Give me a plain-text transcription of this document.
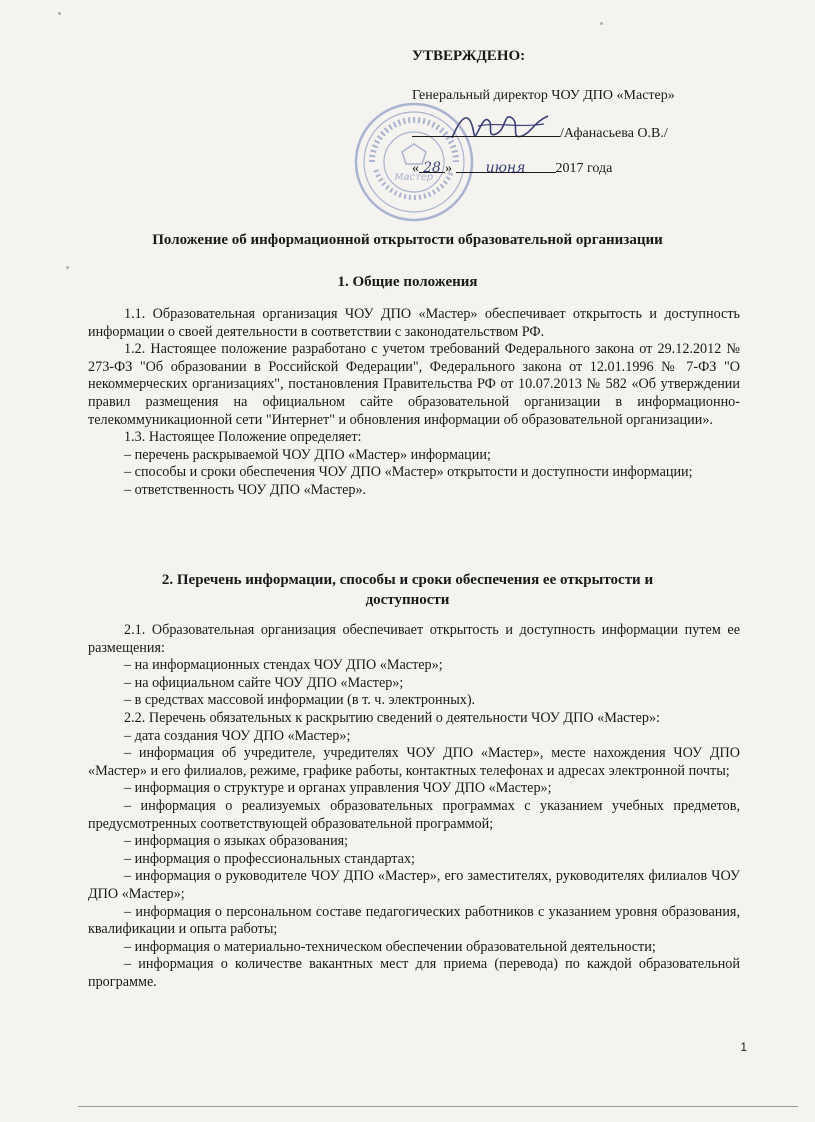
Мастер
УТВЕРЖДЕНО:
Генеральный директор ЧОУ ДПО «Мастер»
/Афанасьева О.В./
« 28 » июня 2017 года
Положение об информационной открытости образовательной организации
1. Общие положения

1.1. Образовательная организация ЧОУ ДПО «Мастер» обеспечивает открытость и доступность информации о своей деятельности в соответствии с законодательством РФ.

1.2. Настоящее положение разработано с учетом требований Федерального закона от 29.12.2012 № 273-ФЗ "Об образовании в Российской Федерации", Федерального закона от 12.01.1996 № 7-ФЗ "О некоммерческих организациях", постановления Правительства РФ от 10.07.2013 № 582 «Об утверждении правил размещения на официальном сайте образовательной организации в информационно-телекоммуникационной сети "Интернет" и обновления информации об образовательной организации».

1.3. Настоящее Положение определяет:

– перечень раскрываемой ЧОУ ДПО «Мастер» информации;

– способы и сроки обеспечения ЧОУ ДПО «Мастер» открытости и доступности информации;

– ответственность ЧОУ ДПО «Мастер».

2. Перечень информации, способы и сроки обеспечения ее открытости и
доступности

2.1. Образовательная организация обеспечивает открытость и доступность информации путем ее размещения:

– на информационных стендах ЧОУ ДПО «Мастер»;

– на официальном сайте ЧОУ ДПО «Мастер»;

– в средствах массовой информации (в т. ч. электронных).

2.2. Перечень обязательных к раскрытию сведений о деятельности ЧОУ ДПО «Мастер»:

– дата создания ЧОУ ДПО «Мастер»;

– информация об учредителе, учредителях ЧОУ ДПО «Мастер», месте нахождения ЧОУ ДПО «Мастер» и его филиалов, режиме, графике работы, контактных телефонах и адресах электронной почты;

– информация о структуре и органах управления ЧОУ ДПО «Мастер»;

– информация о реализуемых образовательных программах с указанием учебных предметов, предусмотренных соответствующей образовательной программой;

– информация о языках образования;

– информация о профессиональных стандартах;

– информация о руководителе ЧОУ ДПО «Мастер», его заместителях, руководителях филиалов ЧОУ ДПО «Мастер»;

– информация о персональном составе педагогических работников с указанием уровня образования, квалификации и опыта работы;

– информация о материально-техническом обеспечении образовательной деятельности;

– информация о количестве вакантных мест для приема (перевода) по каждой образовательной программе.

1
